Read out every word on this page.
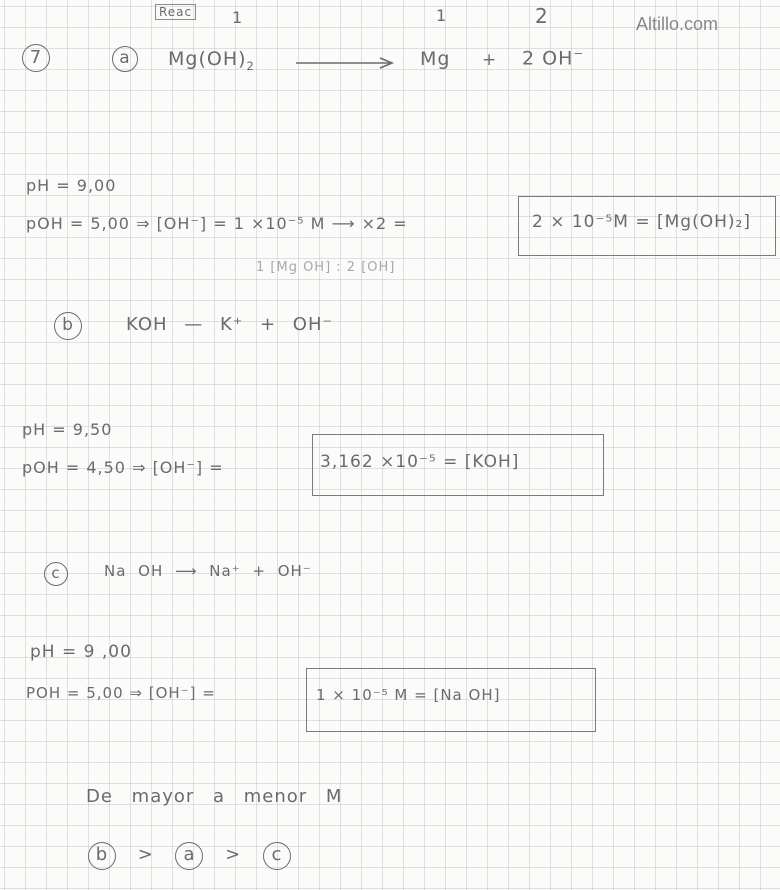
Altillo.com
Reac 1	1	2
7	a	$Mg(OH)_2$	Mg + 2 OH−
pH = 9,00
pOH = 5,00 ⇒ [OH⁻] = 1 ×10⁻⁵ M ⟶ ×2 =	2 × 10⁻⁵M = [Mg(OH)₂]
1 [Mg OH] : 2 [OH]
b	KOH — K⁺ + OH⁻
pH = 9,50
pOH = 4,50 ⇒ [OH⁻] =	3,162 ×10⁻⁵ = [KOH]
c	Na OH ⟶ Na⁺ + OH⁻
pH = 9 ,00
POH = 5,00 ⇒ [OH⁻] =	1 × 10⁻⁵ M = [Na OH]
De mayor a menor M
b > a > c
